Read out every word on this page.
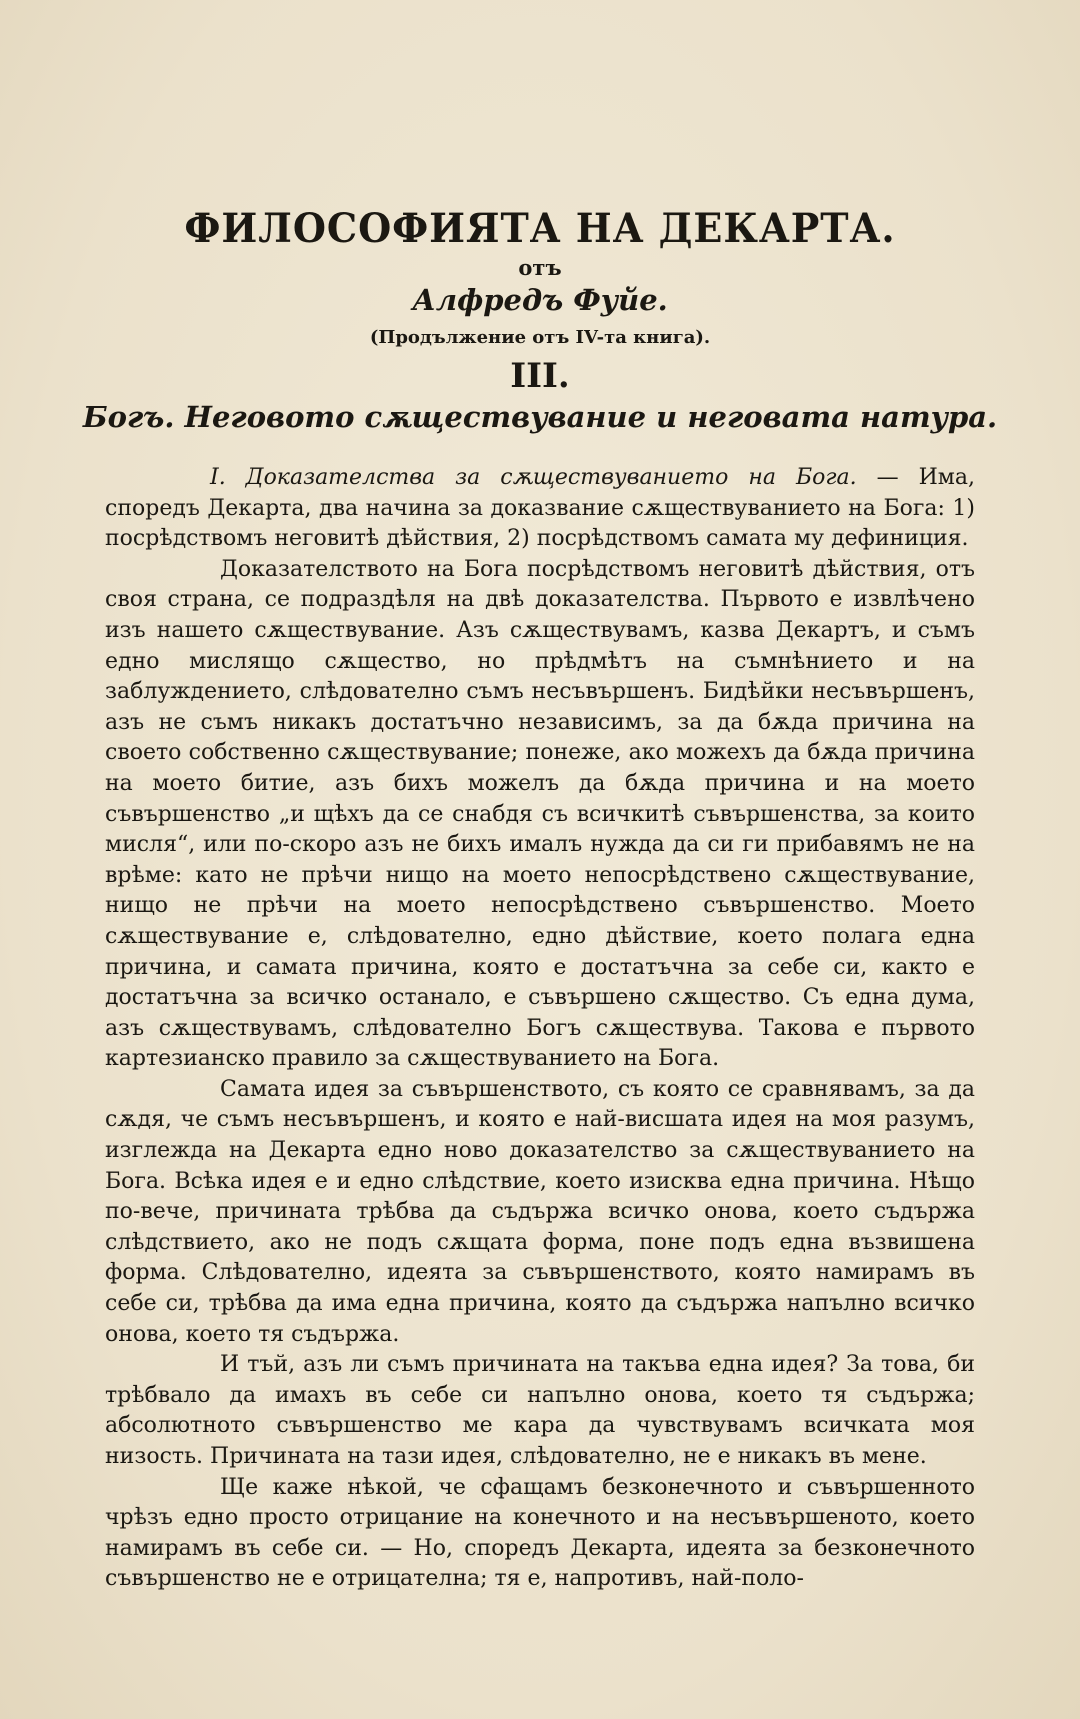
ФИЛОСОФИЯТА НА ДЕКАРТА.
отъ
Алфредъ Фуйе.
(Продължение отъ IV-та книга).
III.
Богъ. Неговото сѫществувание и неговата натура.

I. Доказателства за сѫществуванието на Бога. — Има, споредъ Декарта, два начина за доказвание сѫществуванието на Бога: 1) посрѣдствомъ неговитѣ дѣйствия, 2) посрѣдствомъ самата му дефиниция.

Доказателството на Бога посрѣдствомъ неговитѣ дѣйствия, отъ своя страна, се подраздѣля на двѣ доказателства. Първото е извлѣчено изъ нашето сѫществувание. Азъ сѫществувамъ, казва Декартъ, и съмъ едно мислящо сѫщество, но прѣдмѣтъ на съмнѣнието и на заблуждението, слѣдователно съмъ несъвършенъ. Бидѣйки несъвършенъ, азъ не съмъ никакъ достатъчно независимъ, за да бѫда причина на своето собственно сѫществувание; понеже, ако можехъ да бѫда причина на моето битие, азъ бихъ можелъ да бѫда причина и на моето съвършенство „и щѣхъ да се снабдя съ всичкитѣ съвършенства, за които мисля“, или по-скоро азъ не бихъ ималъ нужда да си ги прибавямъ не на врѣме: като не прѣчи нищо на моето непосрѣдствено сѫществувание, нищо не прѣчи на моето непосрѣдствено съвършенство. Моето сѫществувание е, слѣдователно, едно дѣйствие, което полага една причина, и самата причина, която е достатъчна за себе си, както е достатъчна за всичко останало, е съвършено сѫщество. Съ една дума, азъ сѫществувамъ, слѣдователно Богъ сѫществува. Такова е първото картезианско правило за сѫществуванието на Бога.

Самата идея за съвършенството, съ която се сравнявамъ, за да сѫдя, че съмъ несъвършенъ, и която е най-висшата идея на моя разумъ, изглежда на Декарта едно ново доказателство за сѫществуванието на Бога. Всѣка идея е и едно слѣдствие, което изисква една причина. Нѣщо по-вече, причината трѣбва да съдържа всичко онова, което съдържа слѣдствието, ако не подъ сѫщата форма, поне подъ една възвишена форма. Слѣдователно, идеята за съвършенството, която намирамъ въ себе си, трѣбва да има една причина, която да съдържа напълно всичко онова, което тя съдържа.

И тъй, азъ ли съмъ причината на такъва една идея? За това, би трѣбвало да имахъ въ себе си напълно онова, което тя съдържа; абсолютното съвършенство ме кара да чувствувамъ всичката моя низость. Причината на тази идея, слѣдователно, не е никакъ въ мене.

Ще каже нѣкой, че сфащамъ безконечното и съвършенното чрѣзъ едно просто отрицание на конечното и на несъвършеното, което намирамъ въ себе си. — Но, споредъ Декарта, идеята за безконечното съвършенство не е отрицателна; тя е, напротивъ, най-поло-
